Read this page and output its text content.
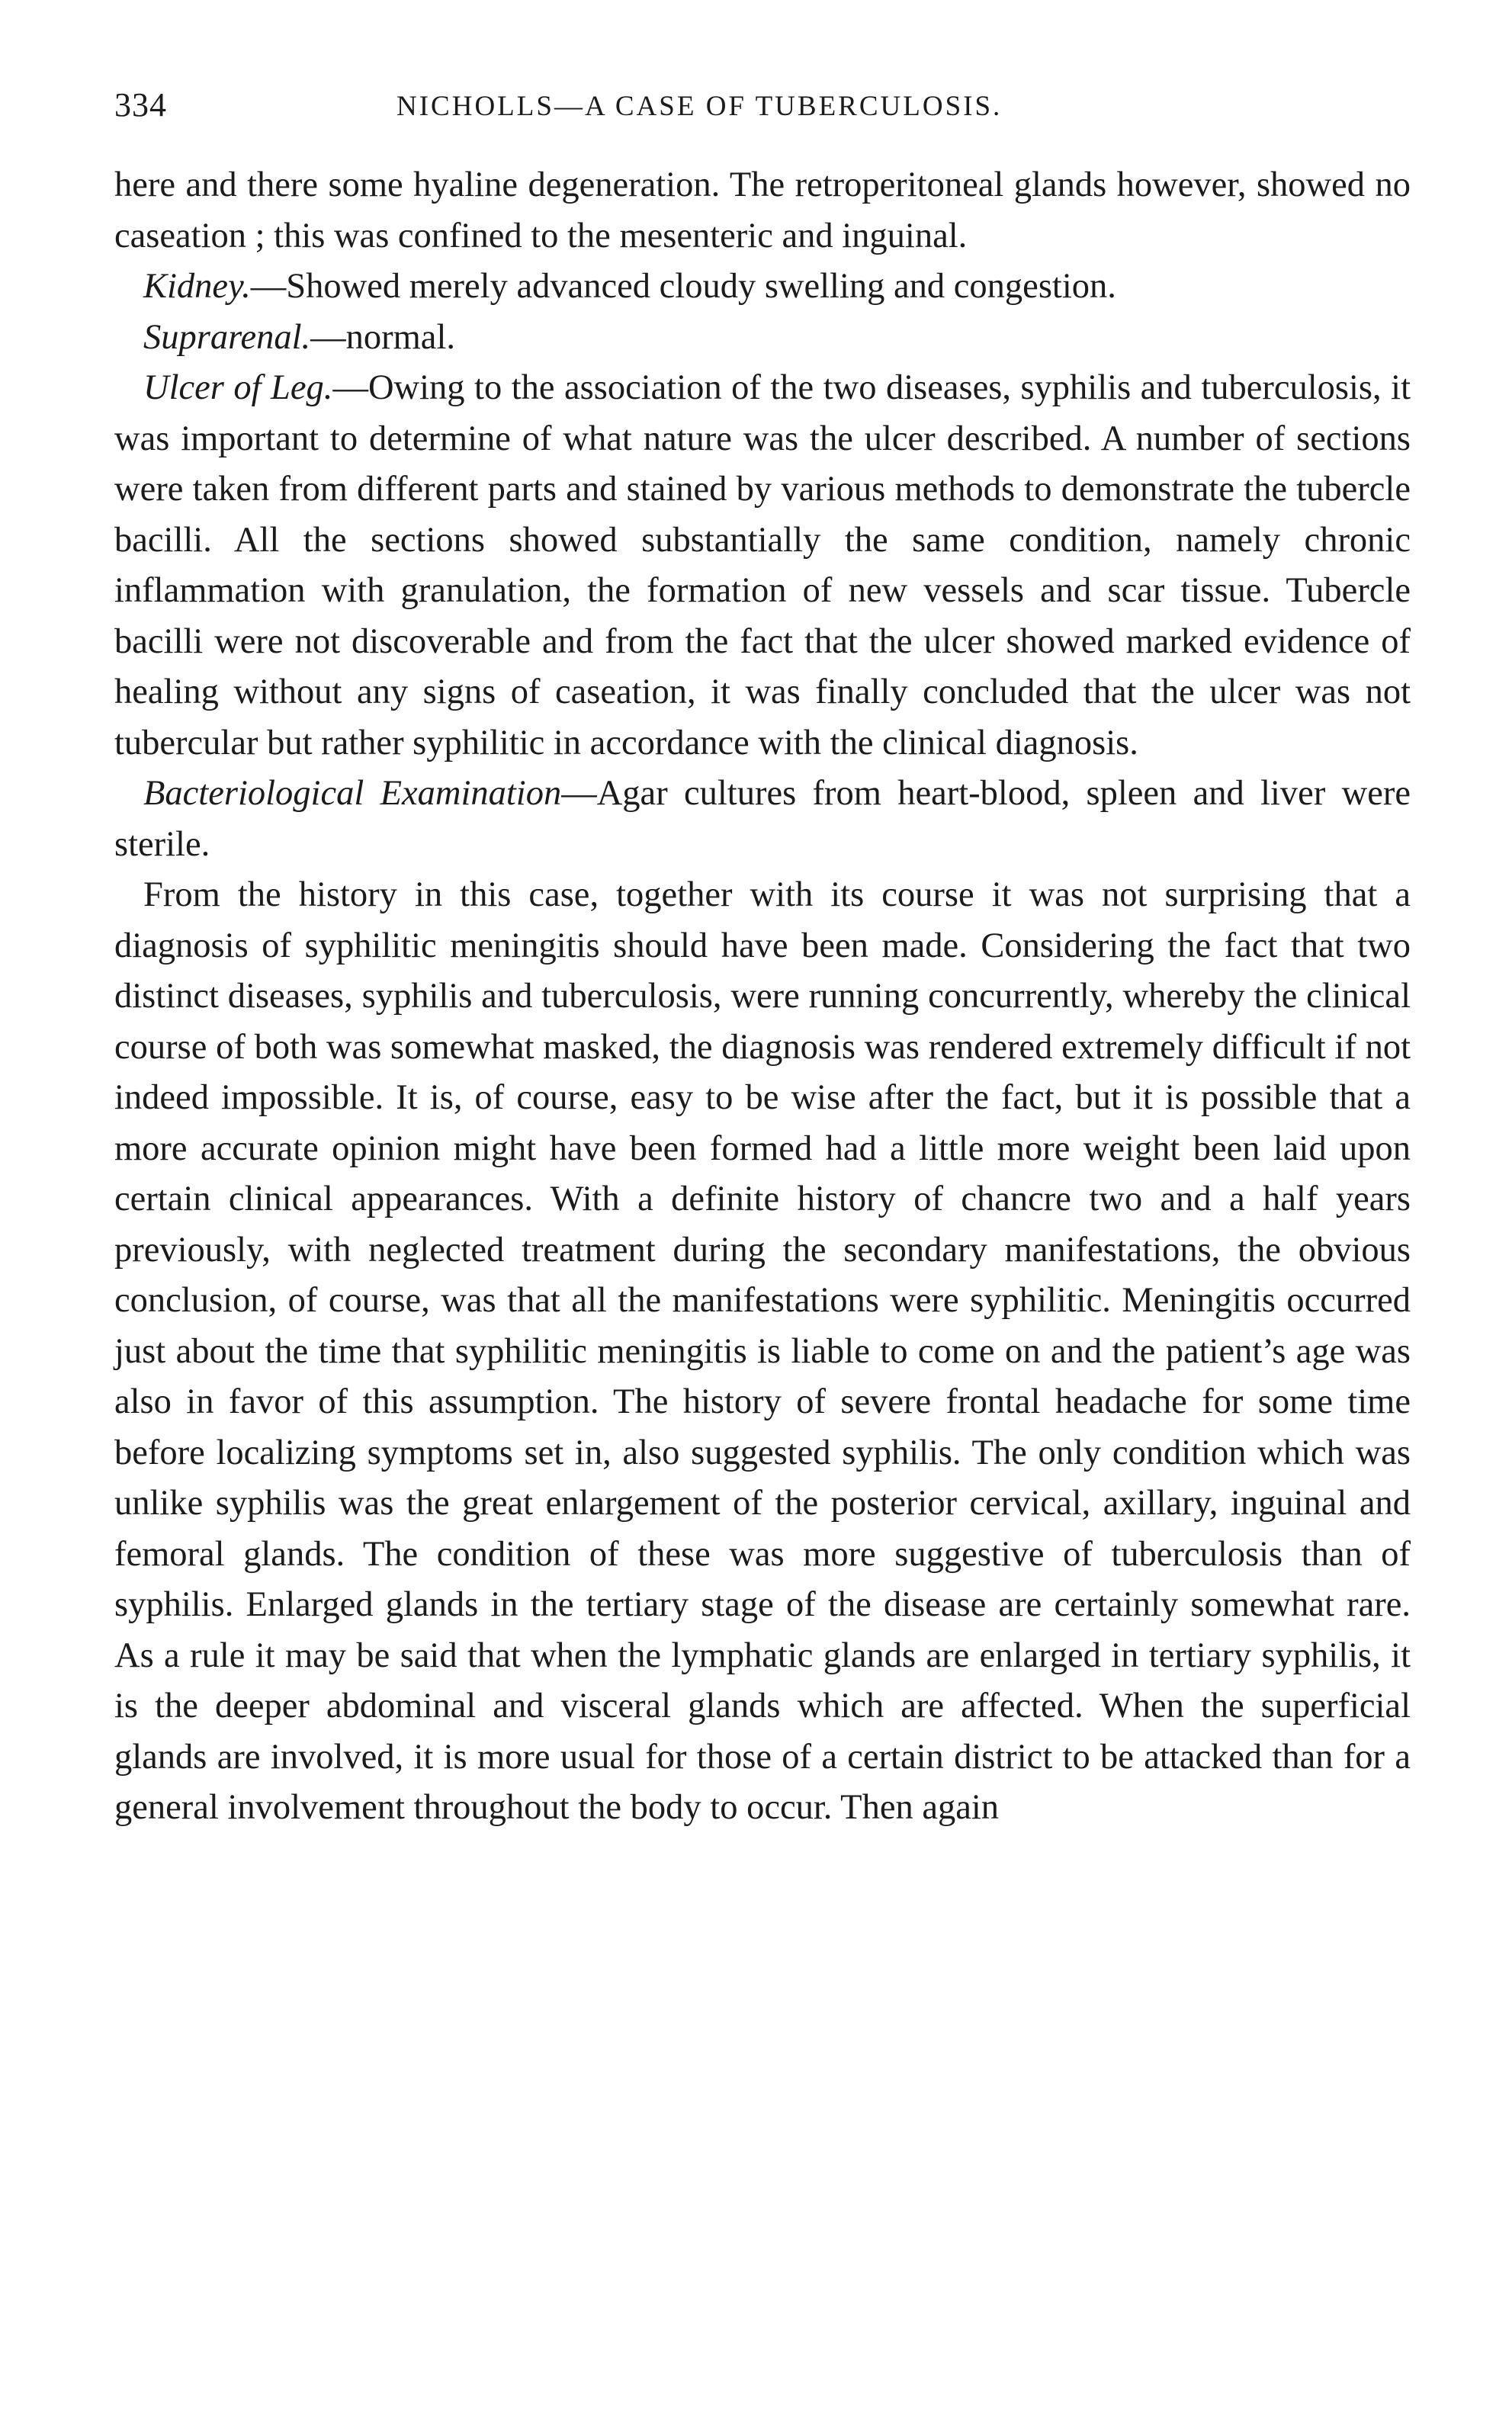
334	NICHOLLS—A CASE OF TUBERCULOSIS.

here and there some hyaline degeneration. The retroperitoneal glands however, showed no caseation ; this was confined to the mesenteric and inguinal.

Kidney.—Showed merely advanced cloudy swelling and congestion.

Suprarenal.—normal.

Ulcer of Leg.—Owing to the association of the two diseases, syphilis and tuberculosis, it was important to determine of what nature was the ulcer described. A number of sections were taken from different parts and stained by various methods to demonstrate the tubercle bacilli. All the sections showed substantially the same condition, namely chronic inflammation with granulation, the formation of new vessels and scar tissue. Tubercle bacilli were not discoverable and from the fact that the ulcer showed marked evidence of healing without any signs of caseation, it was finally concluded that the ulcer was not tubercular but rather syphilitic in accordance with the clinical diagnosis.

Bacteriological Examination—Agar cultures from heart-blood, spleen and liver were sterile.

From the history in this case, together with its course it was not surprising that a diagnosis of syphilitic meningitis should have been made. Considering the fact that two distinct diseases, syphilis and tuberculosis, were running concurrently, whereby the clinical course of both was somewhat masked, the diagnosis was rendered extremely difficult if not indeed impossible. It is, of course, easy to be wise after the fact, but it is possible that a more accurate opinion might have been formed had a little more weight been laid upon certain clinical appearances. With a definite history of chancre two and a half years previously, with neglected treatment during the secondary manifestations, the obvious conclusion, of course, was that all the manifestations were syphilitic. Meningitis occurred just about the time that syphilitic meningitis is liable to come on and the patient’s age was also in favor of this assumption. The history of severe frontal headache for some time before localizing symptoms set in, also suggested syphilis. The only condition which was unlike syphilis was the great enlargement of the posterior cervical, axillary, inguinal and femoral glands. The condition of these was more suggestive of tuberculosis than of syphilis. Enlarged glands in the tertiary stage of the disease are certainly somewhat rare. As a rule it may be said that when the lymphatic glands are enlarged in tertiary syphilis, it is the deeper abdominal and visceral glands which are affected. When the superficial glands are involved, it is more usual for those of a certain district to be attacked than for a general involvement throughout the body to occur. Then again
